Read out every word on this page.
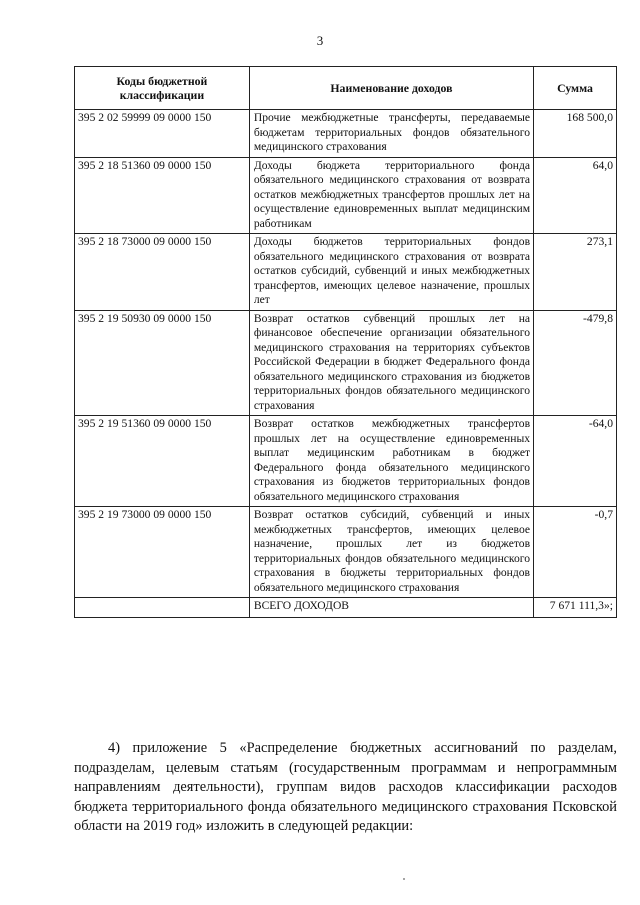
3
Коды бюджетной классификации	Наименование доходов	Сумма
395 2 02 59999 09 0000 150	Прочие межбюджетные трансферты, передаваемые бюджетам территориальных фондов обязательного медицинского страхования	168 500,0
395 2 18 51360 09 0000 150	Доходы бюджета территориального фонда обязательного медицинского страхования от возврата остатков межбюджетных трансфертов прошлых лет на осуществление единовременных выплат медицинским работникам	64,0
395 2 18 73000 09 0000 150	Доходы бюджетов территориальных фондов обязательного медицинского страхования от возврата остатков субсидий, субвенций и иных межбюджетных трансфертов, имеющих целевое назначение, прошлых лет	273,1
395 2 19 50930 09 0000 150	Возврат остатков субвенций прошлых лет на финансовое обеспечение организации обязательного медицинского страхования на территориях субъектов Российской Федерации в бюджет Федерального фонда обязательного медицинского страхования из бюджетов территориальных фондов обязательного медицинского страхования	-479,8
395 2 19 51360 09 0000 150	Возврат остатков межбюджетных трансфертов прошлых лет на осуществление единовременных выплат медицинским работникам в бюджет Федерального фонда обязательного медицинского страхования из бюджетов территориальных фондов обязательного медицинского страхования	-64,0
395 2 19 73000 09 0000 150	Возврат остатков субсидий, субвенций и иных межбюджетных трансфертов, имеющих целевое назначение, прошлых лет из бюджетов территориальных фондов обязательного медицинского страхования в бюджеты территориальных фондов обязательного медицинского страхования	-0,7
	ВСЕГО ДОХОДОВ	7 671 111,3»;

4) приложение 5 «Распределение бюджетных ассигнований по разделам, подразделам, целевым статьям (государственным программам и непрограммным направлениям деятельности), группам видов расходов классификации расходов бюджета территориального фонда обязательного медицинского страхования Псковской области на 2019 год» изложить в следующей редакции:
